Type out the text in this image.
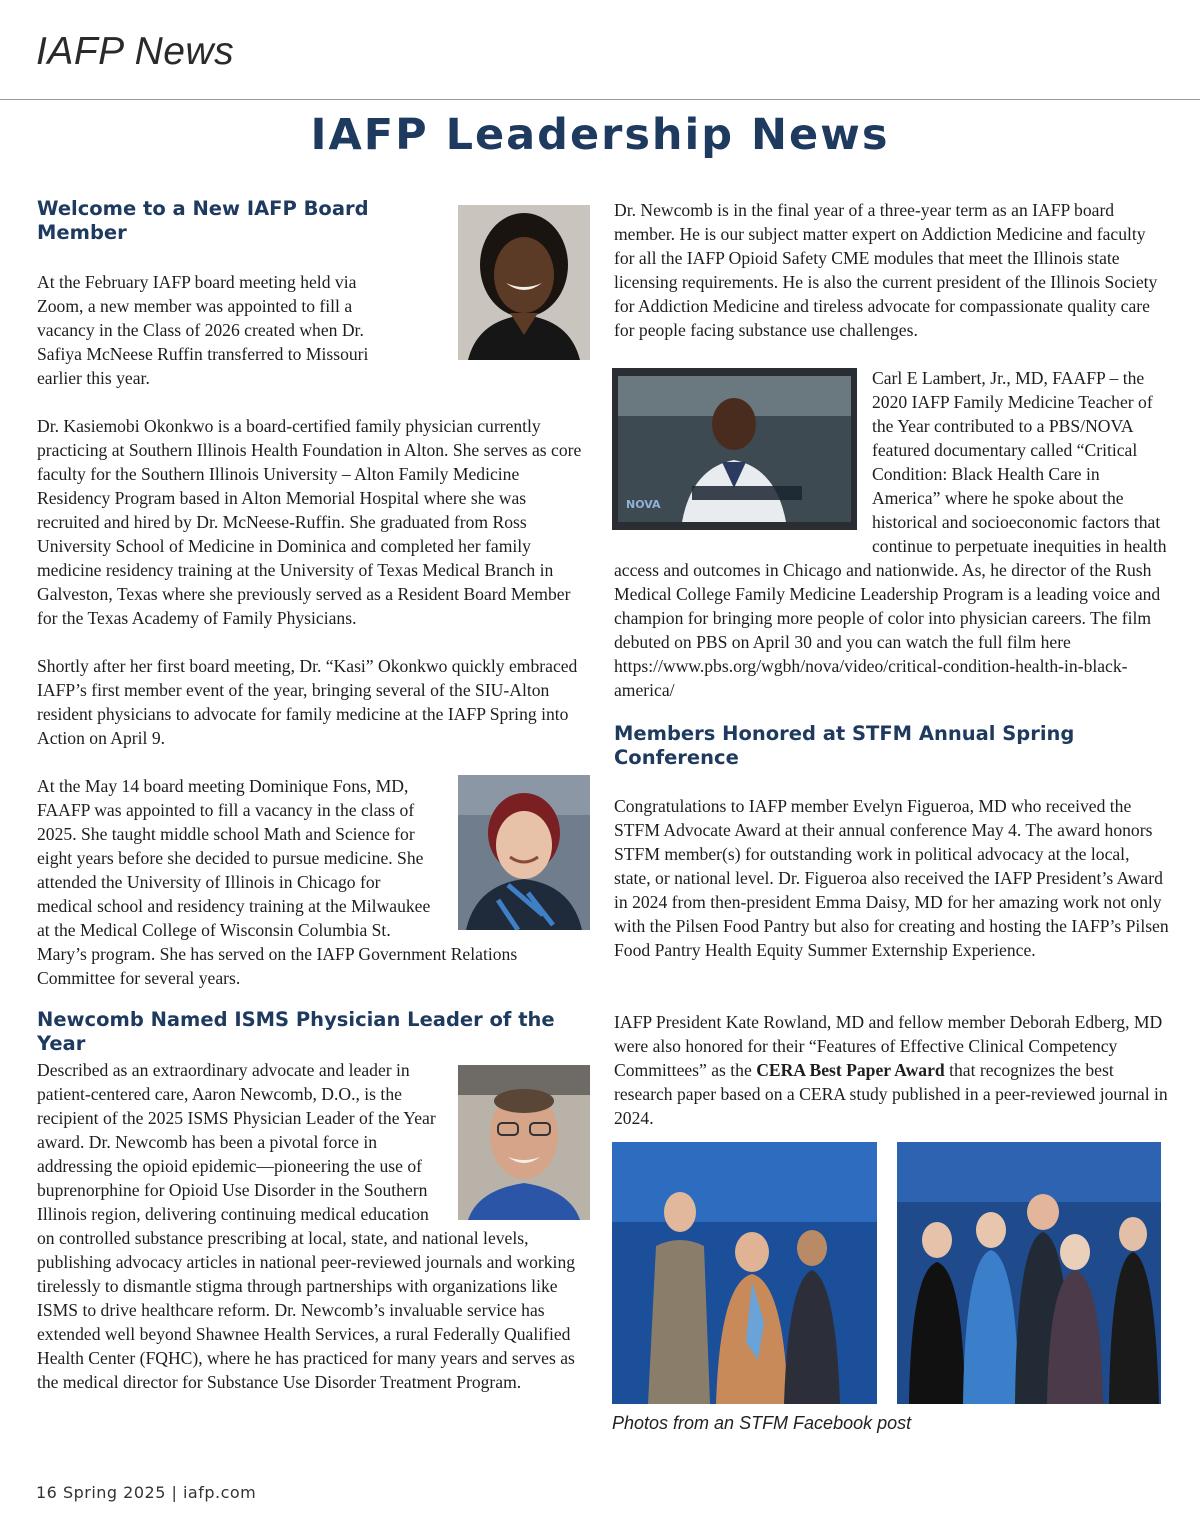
IAFP News
IAFP Leadership News
Welcome to a New IAFP Board Member
At the February IAFP board meeting held via Zoom, a new member was appointed to fill a vacancy in the Class of 2026 created when Dr. Safiya McNeese Ruffin transferred to Missouri earlier this year.
Dr. Kasiemobi Okonkwo is a board-certified family physician currently practicing at Southern Illinois Health Foundation in Alton. She serves as core faculty for the Southern Illinois University – Alton Family Medicine Residency Program based in Alton Memorial Hospital where she was recruited and hired by Dr. McNeese-Ruffin. She graduated from Ross University School of Medicine in Dominica and completed her family medicine residency training at the University of Texas Medical Branch in Galveston, Texas where she previously served as a Resident Board Member for the Texas Academy of Family Physicians.
Shortly after her first board meeting, Dr. “Kasi” Okonkwo quickly embraced IAFP’s first member event of the year, bringing several of the SIU-Alton resident physicians to advocate for family medicine at the IAFP Spring into Action on April 9.
At the May 14 board meeting Dominique Fons, MD, FAAFP was appointed to fill a vacancy in the class of 2025. She taught middle school Math and Science for eight years before she decided to pursue medicine. She attended the University of Illinois in Chicago for medical school and residency training at the Milwaukee at the Medical College of Wisconsin Columbia St. Mary’s program. She has served on the IAFP Government Relations Committee for several years.
Newcomb Named ISMS Physician Leader of the Year
Described as an extraordinary advocate and leader in patient-centered care, Aaron Newcomb, D.O., is the recipient of the 2025 ISMS Physician Leader of the Year award. Dr. Newcomb has been a pivotal force in addressing the opioid epidemic—pioneering the use of buprenorphine for Opioid Use Disorder in the Southern Illinois region, delivering continuing medical education on controlled substance prescribing at local, state, and national levels, publishing advocacy articles in national peer-reviewed journals and working tirelessly to dismantle stigma through partnerships with organizations like ISMS to drive healthcare reform. Dr. Newcomb’s invaluable service has extended well beyond Shawnee Health Services, a rural Federally Qualified Health Center (FQHC), where he has practiced for many years and serves as the medical director for Substance Use Disorder Treatment Program.
Dr. Newcomb is in the final year of a three-year term as an IAFP board member. He is our subject matter expert on Addiction Medicine and faculty for all the IAFP Opioid Safety CME modules that meet the Illinois state licensing requirements. He is also the current president of the Illinois Society for Addiction Medicine and tireless advocate for compassionate quality care for people facing substance use challenges.
Carl E Lambert, Jr., MD, FAAFP – the 2020 IAFP Family Medicine Teacher of the Year contributed to a PBS/NOVA featured documentary called “Critical Condition: Black Health Care in America” where he spoke about the historical and socioeconomic factors that continue to perpetuate inequities in health access and outcomes in Chicago and nationwide. As, he director of the Rush Medical College Family Medicine Leadership Program is a leading voice and champion for bringing more people of color into physician careers. The film debuted on PBS on April 30 and you can watch the full film here https://www.pbs.org/wgbh/nova/video/critical-condition-health-in-black-america/
NOVA
Members Honored at STFM Annual Spring Conference
Congratulations to IAFP member Evelyn Figueroa, MD who received the STFM Advocate Award at their annual conference May 4. The award honors STFM member(s) for outstanding work in political advocacy at the local, state, or national level. Dr. Figueroa also received the IAFP President’s Award in 2024 from then-president Emma Daisy, MD for her amazing work not only with the Pilsen Food Pantry but also for creating and hosting the IAFP’s Pilsen Food Pantry Health Equity Summer Externship Experience.
IAFP President Kate Rowland, MD and fellow member Deborah Edberg, MD were also honored for their “Features of Effective Clinical Competency Committees” as the CERA Best Paper Award that recognizes the best research paper based on a CERA study published in a peer-reviewed journal in 2024.
Photos from an STFM Facebook post
16 Spring 2025 | iafp.com
